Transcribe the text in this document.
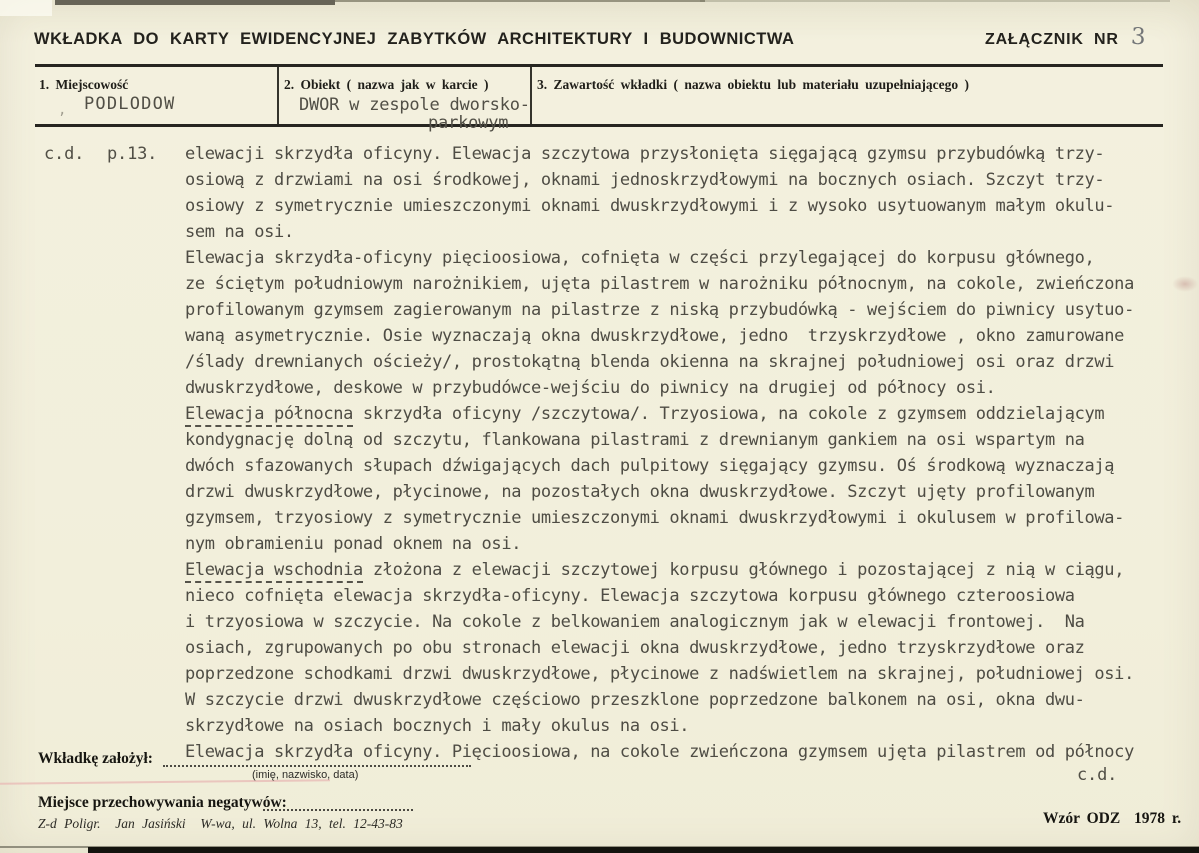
WKŁADKA DO KARTY EWIDENCYJNEJ ZABYTKÓW ARCHITEKTURY I BUDOWNICTWA	ZAŁĄCZNIK NR 3
1. Miejscowość
, PODLODOW
2. Obiekt ( nazwa jak w karcie )
DWOR w zespole dworsko-
parkowym
3. Zawartość wkładki ( nazwa obiektu lub materiału uzupełniającego )
c.d. p.13. elewacji skrzydła oficyny. Elewacja szczytowa przysłonięta sięgającą gzymsu przybudówką trzy-
osiową z drzwiami na osi środkowej, oknami jednoskrzydłowymi na bocznych osiach. Szczyt trzy-
osiowy z symetrycznie umieszczonymi oknami dwuskrzydłowymi i z wysoko usytuowanym małym okulu-
sem na osi.
Elewacja skrzydła-oficyny pięcioosiowa, cofnięta w części przylegającej do korpusu głównego,
ze ściętym południowym narożnikiem, ujęta pilastrem w narożniku północnym, na cokole, zwieńczona
profilowanym gzymsem zagierowanym na pilastrze z niską przybudówką - wejściem do piwnicy usytuo-
waną asymetrycznie. Osie wyznaczają okna dwuskrzydłowe, jedno  trzyskrzydłowe , okno zamurowane
/ślady drewnianych ościeży/, prostokątną blenda okienna na skrajnej południowej osi oraz drzwi
dwuskrzydłowe, deskowe w przybudówce-wejściu do piwnicy na drugiej od północy osi.
Elewacja północna skrzydła oficyny /szczytowa/. Trzyosiowa, na cokole z gzymsem oddzielającym
kondygnację dolną od szczytu, flankowana pilastrami z drewnianym gankiem na osi wspartym na
dwóch sfazowanych słupach dźwigających dach pulpitowy sięgający gzymsu. Oś środkową wyznaczają
drzwi dwuskrzydłowe, płycinowe, na pozostałych okna dwuskrzydłowe. Szczyt ujęty profilowanym
gzymsem, trzyosiowy z symetrycznie umieszczonymi oknami dwuskrzydłowymi i okulusem w profilowa-
nym obramieniu ponad oknem na osi.
Elewacja wschodnia złożona z elewacji szczytowej korpusu głównego i pozostającej z nią w ciągu,
nieco cofnięta elewacja skrzydła-oficyny. Elewacja szczytowa korpusu głównego czteroosiowa
i trzyosiowa w szczycie. Na cokole z belkowaniem analogicznym jak w elewacji frontowej.  Na
osiach, zgrupowanych po obu stronach elewacji okna dwuskrzydłowe, jedno trzyskrzydłowe oraz
poprzedzone schodkami drzwi dwuskrzydłowe, płycinowe z nadświetlem na skrajnej, południowej osi.
W szczycie drzwi dwuskrzydłowe częściowo przeszklone poprzedzone balkonem na osi, okna dwu-
skrzydłowe na osiach bocznych i mały okulus na osi.
Elewacja skrzydła oficyny. Pięcioosiowa, na cokole zwieńczona gzymsem ujęta pilastrem od północy
c.d.
Wkładkę założył:
(imię, nazwisko, data)
Miejsce przechowywania negatywów:
Z-d Poligr.  Jan Jasiński  W-wa, ul. Wolna 13, tel. 12-43-83	Wzór ODZ  1978 r.
